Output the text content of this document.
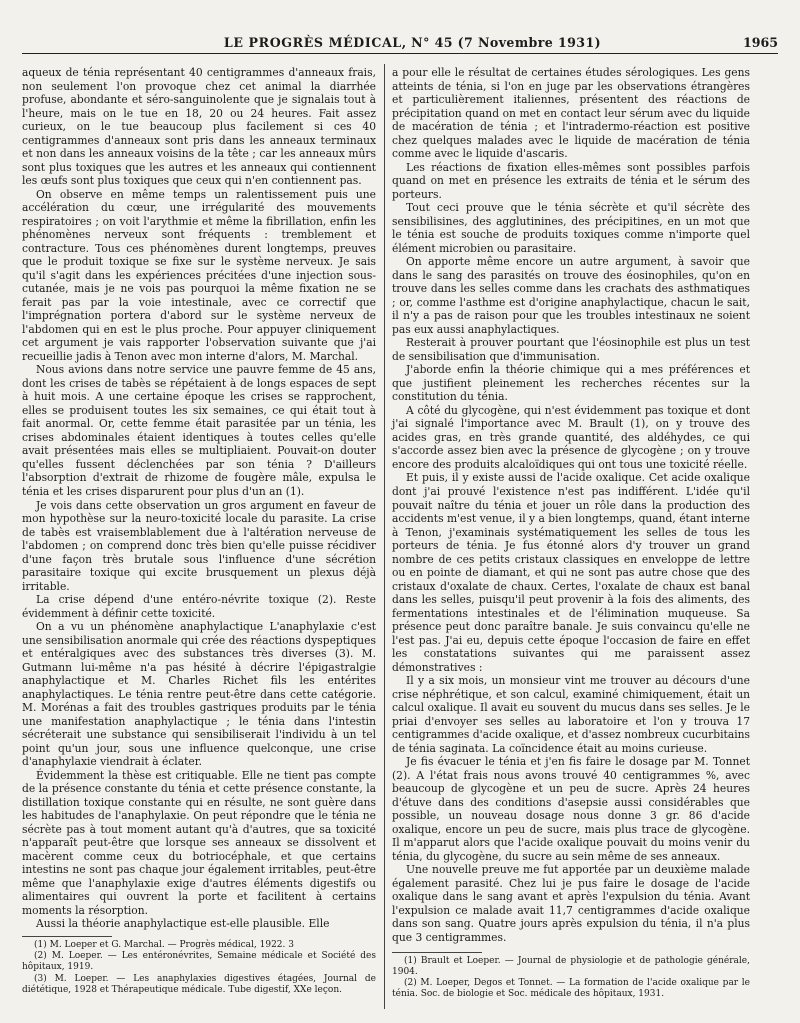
LE PROGRÈS MÉDICAL, N° 45 (7 Novembre 1931)	1965

aqueux de ténia représentant 40 centigrammes d'anneaux frais, non seulement l'on provoque chez cet animal la diarrhée profuse, abondante et séro-sanguinolente que je signalais tout à l'heure, mais on le tue en 18, 20 ou 24 heures. Fait assez curieux, on le tue beaucoup plus facilement si ces 40 centigrammes d'anneaux sont pris dans les anneaux terminaux et non dans les anneaux voisins de la tête ; car les anneaux mûrs sont plus toxiques que les autres et les anneaux qui contiennent les œufs sont plus toxiques que ceux qui n'en contiennent pas.

On observe en même temps un ralentissement puis une accélération du cœur, une irrégularité des mouvements respiratoires ; on voit l'arythmie et même la fibrillation, enfin les phénomènes nerveux sont fréquents : tremblement et contracture. Tous ces phénomènes durent longtemps, preuves que le produit toxique se fixe sur le système nerveux. Je sais qu'il s'agit dans les expériences précitées d'une injection sous-cutanée, mais je ne vois pas pourquoi la même fixation ne se ferait pas par la voie intestinale, avec ce correctif que l'imprégnation portera d'abord sur le système nerveux de l'abdomen qui en est le plus proche. Pour appuyer cliniquement cet argument je vais rapporter l'observation suivante que j'ai recueillie jadis à Tenon avec mon interne d'alors, M. Marchal.

Nous avions dans notre service une pauvre femme de 45 ans, dont les crises de tabès se répétaient à de longs espaces de sept à huit mois. A une certaine époque les crises se rapprochent, elles se produisent toutes les six semaines, ce qui était tout à fait anormal. Or, cette femme était parasitée par un ténia, les crises abdominales étaient identiques à toutes celles qu'elle avait présentées mais elles se multipliaient. Pouvait-on douter qu'elles fussent déclenchées par son ténia ? D'ailleurs l'absorption d'extrait de rhizome de fougère mâle, expulsa le ténia et les crises disparurent pour plus d'un an (1).

Je vois dans cette observation un gros argument en faveur de mon hypothèse sur la neuro-toxicité locale du parasite. La crise de tabès est vraisemblablement due à l'altération nerveuse de l'abdomen ; on comprend donc très bien qu'elle puisse récidiver d'une façon très brutale sous l'influence d'une sécrétion parasitaire toxique qui excite brusquement un plexus déjà irritable.

La crise dépend d'une entéro-névrite toxique (2). Reste évidemment à définir cette toxicité.

On a vu un phénomène anaphylactique L'anaphylaxie c'est une sensibilisation anormale qui crée des réactions dyspeptiques et entéralgiques avec des substances très diverses (3). M. Gutmann lui-même n'a pas hésité à décrire l'épigastralgie anaphylactique et M. Charles Richet fils les entérites anaphylactiques. Le ténia rentre peut-être dans cette catégorie. M. Morénas a fait des troubles gastriques produits par le ténia une manifestation anaphylactique ; le ténia dans l'intestin sécréterait une substance qui sensibiliserait l'individu à un tel point qu'un jour, sous une influence quelconque, une crise d'anaphylaxie viendrait à éclater.

Évidemment la thèse est critiquable. Elle ne tient pas compte de la présence constante du ténia et cette présence constante, la distillation toxique constante qui en résulte, ne sont guère dans les habitudes de l'anaphylaxie. On peut répondre que le ténia ne sécrète pas à tout moment autant qu'à d'autres, que sa toxicité n'apparaît peut-être que lorsque ses anneaux se dissolvent et macèrent comme ceux du botriocéphale, et que certains intestins ne sont pas chaque jour également irritables, peut-être même que l'anaphylaxie exige d'autres éléments digestifs ou alimentaires qui ouvrent la porte et facilitent à certains moments la résorption.

Aussi la théorie anaphylactique est-elle plausible. Elle

(1) M. Loeper et G. Marchal. — Progrès médical, 1922. 3

(2) M. Loeper. — Les entéronévrites, Semaine médicale et Société des hôpitaux, 1919.

(3) M. Loeper. — Les anaphylaxies digestives étagées, Journal de diététique, 1928 et Thérapeutique médicale. Tube digestif, XXe leçon.

a pour elle le résultat de certaines études sérologiques. Les gens atteints de ténia, si l'on en juge par les observations étrangères et particulièrement italiennes, présentent des réactions de précipitation quand on met en contact leur sérum avec du liquide de macération de ténia ; et l'intradermo-réaction est positive chez quelques malades avec le liquide de macération de ténia comme avec le liquide d'ascaris.

Les réactions de fixation elles-mêmes sont possibles parfois quand on met en présence les extraits de ténia et le sérum des porteurs.

Tout ceci prouve que le ténia sécrète et qu'il sécrète des sensibilisines, des agglutinines, des précipitines, en un mot que le ténia est souche de produits toxiques comme n'importe quel élément microbien ou parasitaire.

On apporte même encore un autre argument, à savoir que dans le sang des parasités on trouve des éosinophiles, qu'on en trouve dans les selles comme dans les crachats des asthmatiques ; or, comme l'asthme est d'origine anaphylactique, chacun le sait, il n'y a pas de raison pour que les troubles intestinaux ne soient pas eux aussi anaphylactiques.

Resterait à prouver pourtant que l'éosinophile est plus un test de sensibilisation que d'immunisation.

J'aborde enfin la théorie chimique qui a mes préférences et que justifient pleinement les recherches récentes sur la constitution du ténia.

A côté du glycogène, qui n'est évidemment pas toxique et dont j'ai signalé l'importance avec M. Brault (1), on y trouve des acides gras, en très grande quantité, des aldéhydes, ce qui s'accorde assez bien avec la présence de glycogène ; on y trouve encore des produits alcaloïdiques qui ont tous une toxicité réelle.

Et puis, il y existe aussi de l'acide oxalique. Cet acide oxalique dont j'ai prouvé l'existence n'est pas indifférent. L'idée qu'il pouvait naître du ténia et jouer un rôle dans la production des accidents m'est venue, il y a bien longtemps, quand, étant interne à Tenon, j'examinais systématiquement les selles de tous les porteurs de ténia. Je fus étonné alors d'y trouver un grand nombre de ces petits cristaux classiques en enveloppe de lettre ou en pointe de diamant, et qui ne sont pas autre chose que des cristaux d'oxalate de chaux. Certes, l'oxalate de chaux est banal dans les selles, puisqu'il peut provenir à la fois des aliments, des fermentations intestinales et de l'élimination muqueuse. Sa présence peut donc paraître banale. Je suis convaincu qu'elle ne l'est pas. J'ai eu, depuis cette époque l'occasion de faire en effet les constatations suivantes qui me paraissent assez démonstratives :

Il y a six mois, un monsieur vint me trouver au décours d'une crise néphrétique, et son calcul, examiné chimiquement, était un calcul oxalique. Il avait eu souvent du mucus dans ses selles. Je le priai d'envoyer ses selles au laboratoire et l'on y trouva 17 centigrammes d'acide oxalique, et d'assez nombreux cucurbitains de ténia saginata. La coïncidence était au moins curieuse.

Je fis évacuer le ténia et j'en fis faire le dosage par M. Tonnet (2). A l'état frais nous avons trouvé 40 centigrammes %, avec beaucoup de glycogène et un peu de sucre. Après 24 heures d'étuve dans des conditions d'asepsie aussi considérables que possible, un nouveau dosage nous donne 3 gr. 86 d'acide oxalique, encore un peu de sucre, mais plus trace de glycogène. Il m'apparut alors que l'acide oxalique pouvait du moins venir du ténia, du glycogène, du sucre au sein même de ses anneaux.

Une nouvelle preuve me fut apportée par un deuxième malade également parasité. Chez lui je pus faire le dosage de l'acide oxalique dans le sang avant et après l'expulsion du ténia. Avant l'expulsion ce malade avait 11,7 centigrammes d'acide oxalique dans son sang. Quatre jours après expulsion du ténia, il n'a plus que 3 centigrammes.

(1) Brault et Loeper. — Journal de physiologie et de pathologie générale, 1904.

(2) M. Loeper, Degos et Tonnet. — La formation de l'acide oxalique par le ténia. Soc. de biologie et Soc. médicale des hôpitaux, 1931.
